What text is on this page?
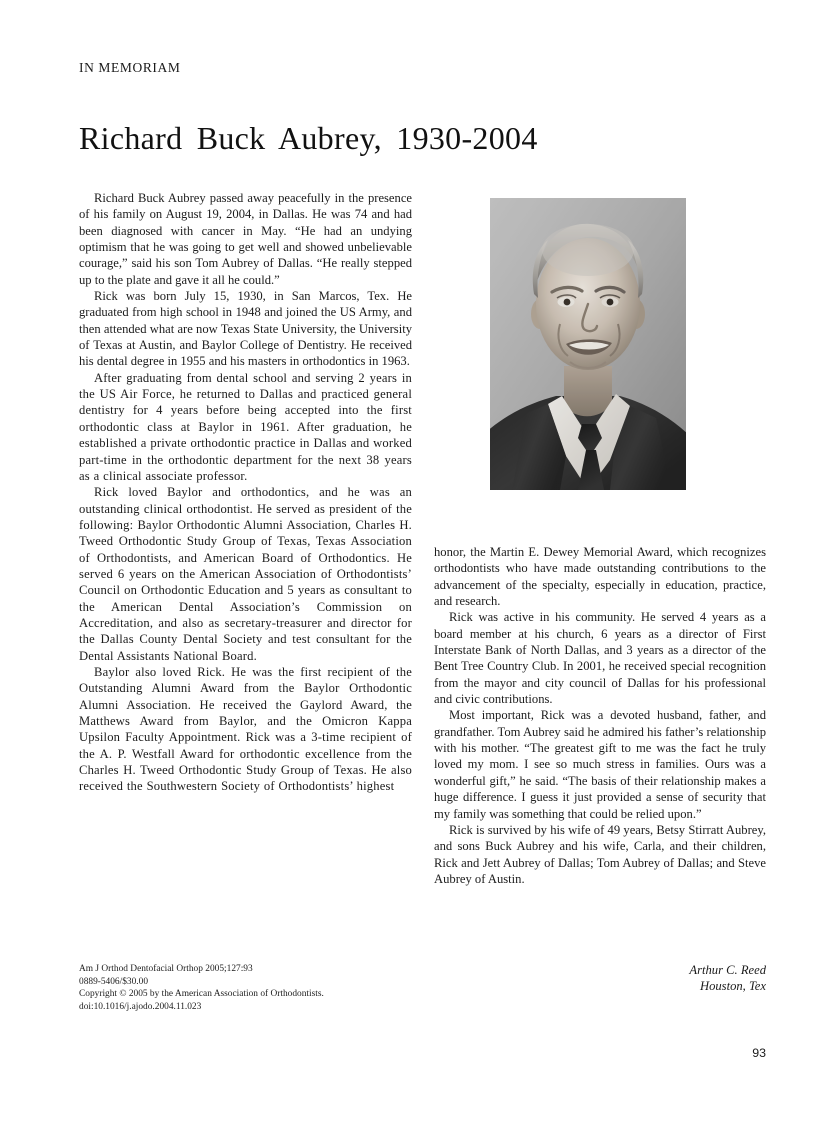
IN MEMORIAM
Richard Buck Aubrey, 1930-2004

Richard Buck Aubrey passed away peacefully in the presence of his family on August 19, 2004, in Dallas. He was 74 and had been diagnosed with cancer in May. “He had an undying optimism that he was going to get well and showed unbelievable courage,” said his son Tom Aubrey of Dallas. “He really stepped up to the plate and gave it all he could.”

Rick was born July 15, 1930, in San Marcos, Tex. He graduated from high school in 1948 and joined the US Army, and then attended what are now Texas State University, the University of Texas at Austin, and Baylor College of Dentistry. He received his dental degree in 1955 and his masters in orthodontics in 1963.

After graduating from dental school and serving 2 years in the US Air Force, he returned to Dallas and practiced general dentistry for 4 years before being accepted into the first orthodontic class at Baylor in 1961. After graduation, he established a private orthodontic practice in Dallas and worked part-time in the orthodontic department for the next 38 years as a clinical associate professor.

Rick loved Baylor and orthodontics, and he was an outstanding clinical orthodontist. He served as president of the following: Baylor Orthodontic Alumni Association, Charles H. Tweed Orthodontic Study Group of Texas, Texas Association of Orthodontists, and American Board of Orthodontics. He served 6 years on the American Association of Orthodontists’ Council on Orthodontic Education and 5 years as consultant to the American Dental Association’s Commission on Accreditation, and also as secretary-treasurer and director for the Dallas County Dental Society and test consultant for the Dental Assistants National Board.

Baylor also loved Rick. He was the first recipient of the Outstanding Alumni Award from the Baylor Orthodontic Alumni Association. He received the Gaylord Award, the Matthews Award from Baylor, and the Omicron Kappa Upsilon Faculty Appointment. Rick was a 3-time recipient of the A. P. Westfall Award for orthodontic excellence from the Charles H. Tweed Orthodontic Study Group of Texas. He also received the Southwestern Society of Orthodontists’ highest

honor, the Martin E. Dewey Memorial Award, which recognizes orthodontists who have made outstanding contributions to the advancement of the specialty, especially in education, practice, and research.

Rick was active in his community. He served 4 years as a board member at his church, 6 years as a director of First Interstate Bank of North Dallas, and 3 years as a director of the Bent Tree Country Club. In 2001, he received special recognition from the mayor and city council of Dallas for his professional and civic contributions.

Most important, Rick was a devoted husband, father, and grandfather. Tom Aubrey said he admired his father’s relationship with his mother. “The greatest gift to me was the fact he truly loved my mom. I see so much stress in families. Ours was a wonderful gift,” he said. “The basis of their relationship makes a huge difference. I guess it just provided a sense of security that my family was something that could be relied upon.”

Rick is survived by his wife of 49 years, Betsy Stirratt Aubrey, and sons Buck Aubrey and his wife, Carla, and their children, Rick and Jett Aubrey of Dallas; Tom Aubrey of Dallas; and Steve Aubrey of Austin.

Am J Orthod Dentofacial Orthop 2005;127:93
0889-5406/$30.00
Copyright © 2005 by the American Association of Orthodontists.
doi:10.1016/j.ajodo.2004.11.023
Arthur C. Reed
Houston, Tex
93
